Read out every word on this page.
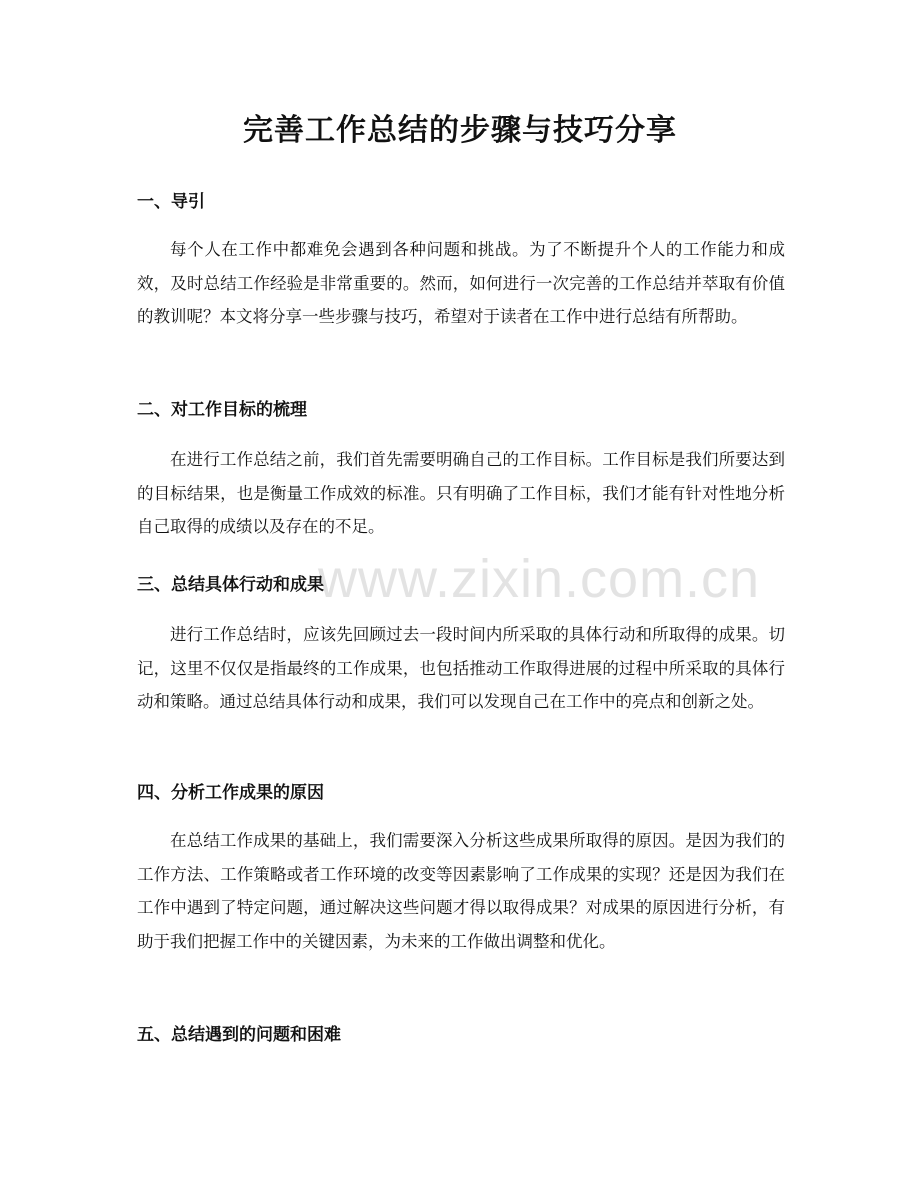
www.zixin.com.cn
完善工作总结的步骤与技巧分享
一、导引

每个人在工作中都难免会遇到各种问题和挑战。为了不断提升个人的工作能力和成效，及时总结工作经验是非常重要的。然而，如何进行一次完善的工作总结并萃取有价值的教训呢？本文将分享一些步骤与技巧，希望对于读者在工作中进行总结有所帮助。

二、对工作目标的梳理

在进行工作总结之前，我们首先需要明确自己的工作目标。工作目标是我们所要达到的目标结果，也是衡量工作成效的标准。只有明确了工作目标，我们才能有针对性地分析自己取得的成绩以及存在的不足。

三、总结具体行动和成果

进行工作总结时，应该先回顾过去一段时间内所采取的具体行动和所取得的成果。切记，这里不仅仅是指最终的工作成果，也包括推动工作取得进展的过程中所采取的具体行动和策略。通过总结具体行动和成果，我们可以发现自己在工作中的亮点和创新之处。

四、分析工作成果的原因

在总结工作成果的基础上，我们需要深入分析这些成果所取得的原因。是因为我们的工作方法、工作策略或者工作环境的改变等因素影响了工作成果的实现？还是因为我们在工作中遇到了特定问题，通过解决这些问题才得以取得成果？对成果的原因进行分析，有助于我们把握工作中的关键因素，为未来的工作做出调整和优化。

五、总结遇到的问题和困难
